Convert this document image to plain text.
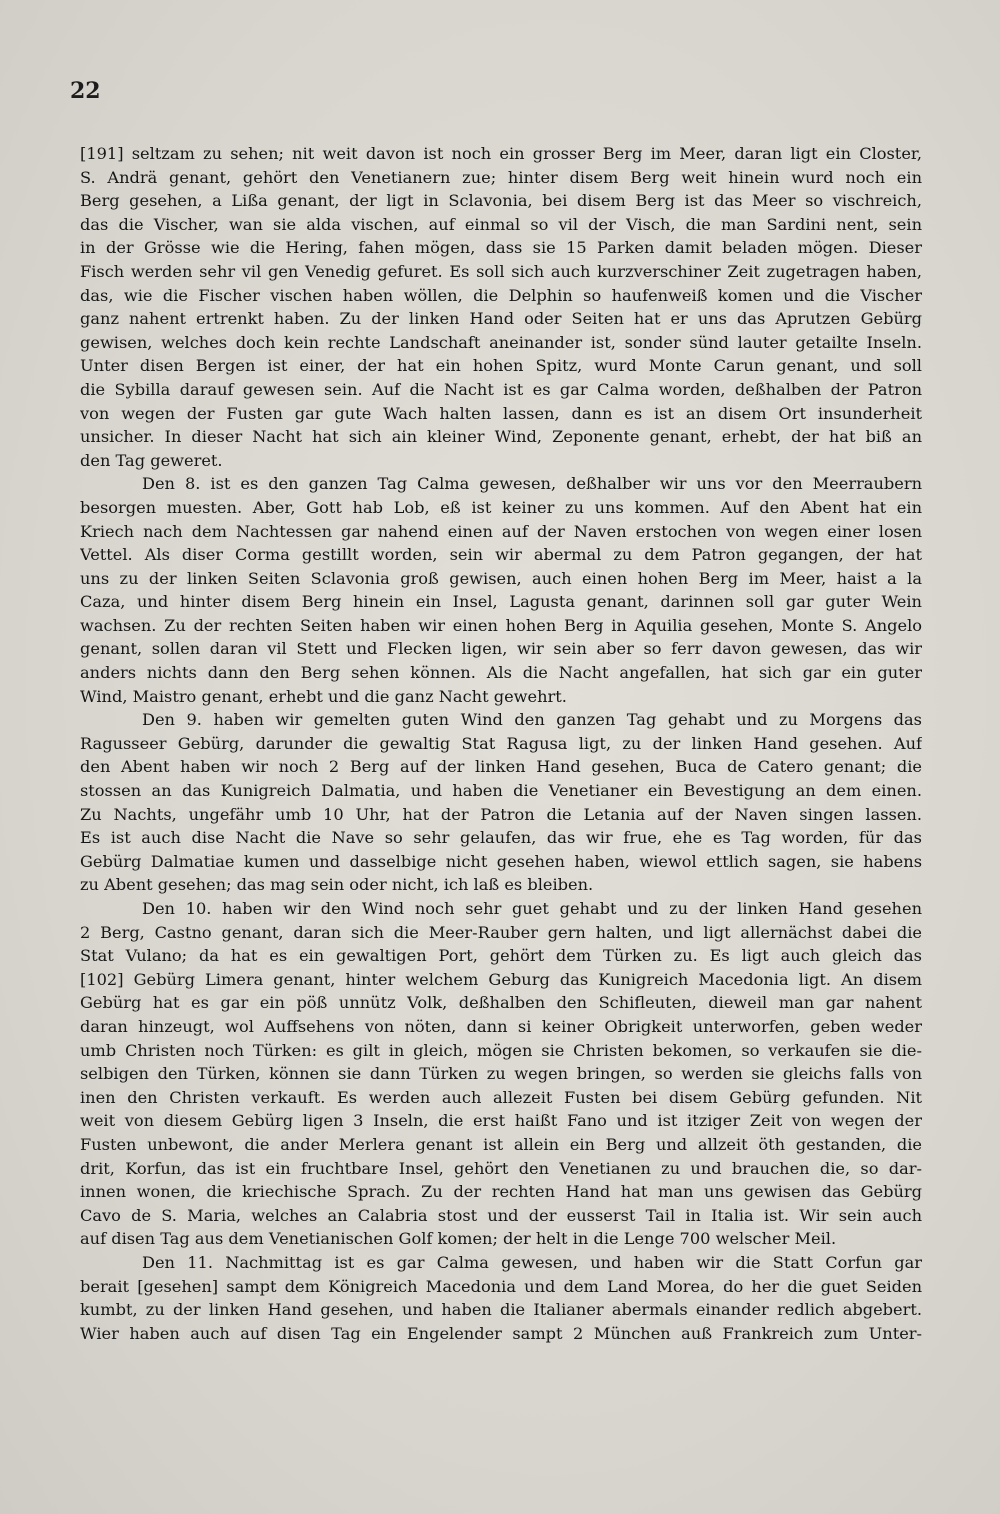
22
[191] seltzam zu sehen; nit weit davon ist noch ein grosser Berg im Meer, daran ligt ein Closter,
S. Andrä genant, gehört den Venetianern zue; hinter disem Berg weit hinein wurd noch ein
Berg gesehen, a Lißa genant, der ligt in Sclavonia, bei disem Berg ist das Meer so vischreich,
das die Vischer, wan sie alda vischen, auf einmal so vil der Visch, die man Sardini nent, sein
in der Grösse wie die Hering, fahen mögen, dass sie 15 Parken damit beladen mögen. Dieser
Fisch werden sehr vil gen Venedig gefuret. Es soll sich auch kurzverschiner Zeit zugetragen haben,
das, wie die Fischer vischen haben wöllen, die Delphin so haufenweiß komen und die Vischer
ganz nahent ertrenkt haben. Zu der linken Hand oder Seiten hat er uns das Aprutzen Gebürg
gewisen, welches doch kein rechte Landschaft aneinander ist, sonder sünd lauter getailte Inseln.
Unter disen Bergen ist einer, der hat ein hohen Spitz, wurd Monte Carun genant, und soll
die Sybilla darauf gewesen sein. Auf die Nacht ist es gar Calma worden, deßhalben der Patron
von wegen der Fusten gar gute Wach halten lassen, dann es ist an disem Ort insunderheit
unsicher. In dieser Nacht hat sich ain kleiner Wind, Zeponente genant, erhebt, der hat biß an
den Tag geweret.
Den 8. ist es den ganzen Tag Calma gewesen, deßhalber wir uns vor den Meerraubern
besorgen muesten. Aber, Gott hab Lob, eß ist keiner zu uns kommen. Auf den Abent hat ein
Kriech nach dem Nachtessen gar nahend einen auf der Naven erstochen von wegen einer losen
Vettel. Als diser Corma gestillt worden, sein wir abermal zu dem Patron gegangen, der hat
uns zu der linken Seiten Sclavonia groß gewisen, auch einen hohen Berg im Meer, haist a la
Caza, und hinter disem Berg hinein ein Insel, Lagusta genant, darinnen soll gar guter Wein
wachsen. Zu der rechten Seiten haben wir einen hohen Berg in Aquilia gesehen, Monte S. Angelo
genant, sollen daran vil Stett und Flecken ligen, wir sein aber so ferr davon gewesen, das wir
anders nichts dann den Berg sehen können. Als die Nacht angefallen, hat sich gar ein guter
Wind, Maistro genant, erhebt und die ganz Nacht gewehrt.
Den 9. haben wir gemelten guten Wind den ganzen Tag gehabt und zu Morgens das
Ragusseer Gebürg, darunder die gewaltig Stat Ragusa ligt, zu der linken Hand gesehen. Auf
den Abent haben wir noch 2 Berg auf der linken Hand gesehen, Buca de Catero genant; die
stossen an das Kunigreich Dalmatia, und haben die Venetianer ein Bevestigung an dem einen.
Zu Nachts, ungefähr umb 10 Uhr, hat der Patron die Letania auf der Naven singen lassen.
Es ist auch dise Nacht die Nave so sehr gelaufen, das wir frue, ehe es Tag worden, für das
Gebürg Dalmatiae kumen und dasselbige nicht gesehen haben, wiewol ettlich sagen, sie habens
zu Abent gesehen; das mag sein oder nicht, ich laß es bleiben.
Den 10. haben wir den Wind noch sehr guet gehabt und zu der linken Hand gesehen
2 Berg, Castno genant, daran sich die Meer-Rauber gern halten, und ligt allernächst dabei die
Stat Vulano; da hat es ein gewaltigen Port, gehört dem Türken zu. Es ligt auch gleich das
[102] Gebürg Limera genant, hinter welchem Geburg das Kunigreich Macedonia ligt. An disem
Gebürg hat es gar ein pöß unnütz Volk, deßhalben den Schifleuten, dieweil man gar nahent
daran hinzeugt, wol Auffsehens von nöten, dann si keiner Obrigkeit unterworfen, geben weder
umb Christen noch Türken: es gilt in gleich, mögen sie Christen bekomen, so verkaufen sie die-
selbigen den Türken, können sie dann Türken zu wegen bringen, so werden sie gleichs falls von
inen den Christen verkauft. Es werden auch allezeit Fusten bei disem Gebürg gefunden. Nit
weit von diesem Gebürg ligen 3 Inseln, die erst haißt Fano und ist itziger Zeit von wegen der
Fusten unbewont, die ander Merlera genant ist allein ein Berg und allzeit öth gestanden, die
drit, Korfun, das ist ein fruchtbare Insel, gehört den Venetianen zu und brauchen die, so dar-
innen wonen, die kriechische Sprach. Zu der rechten Hand hat man uns gewisen das Gebürg
Cavo de S. Maria, welches an Calabria stost und der eusserst Tail in Italia ist. Wir sein auch
auf disen Tag aus dem Venetianischen Golf komen; der helt in die Lenge 700 welscher Meil.
Den 11. Nachmittag ist es gar Calma gewesen, und haben wir die Statt Corfun gar
berait [gesehen] sampt dem Königreich Macedonia und dem Land Morea, do her die guet Seiden
kumbt, zu der linken Hand gesehen, und haben die Italianer abermals einander redlich abgebert.
Wier haben auch auf disen Tag ein Engelender sampt 2 München auß Frankreich zum Unter-
